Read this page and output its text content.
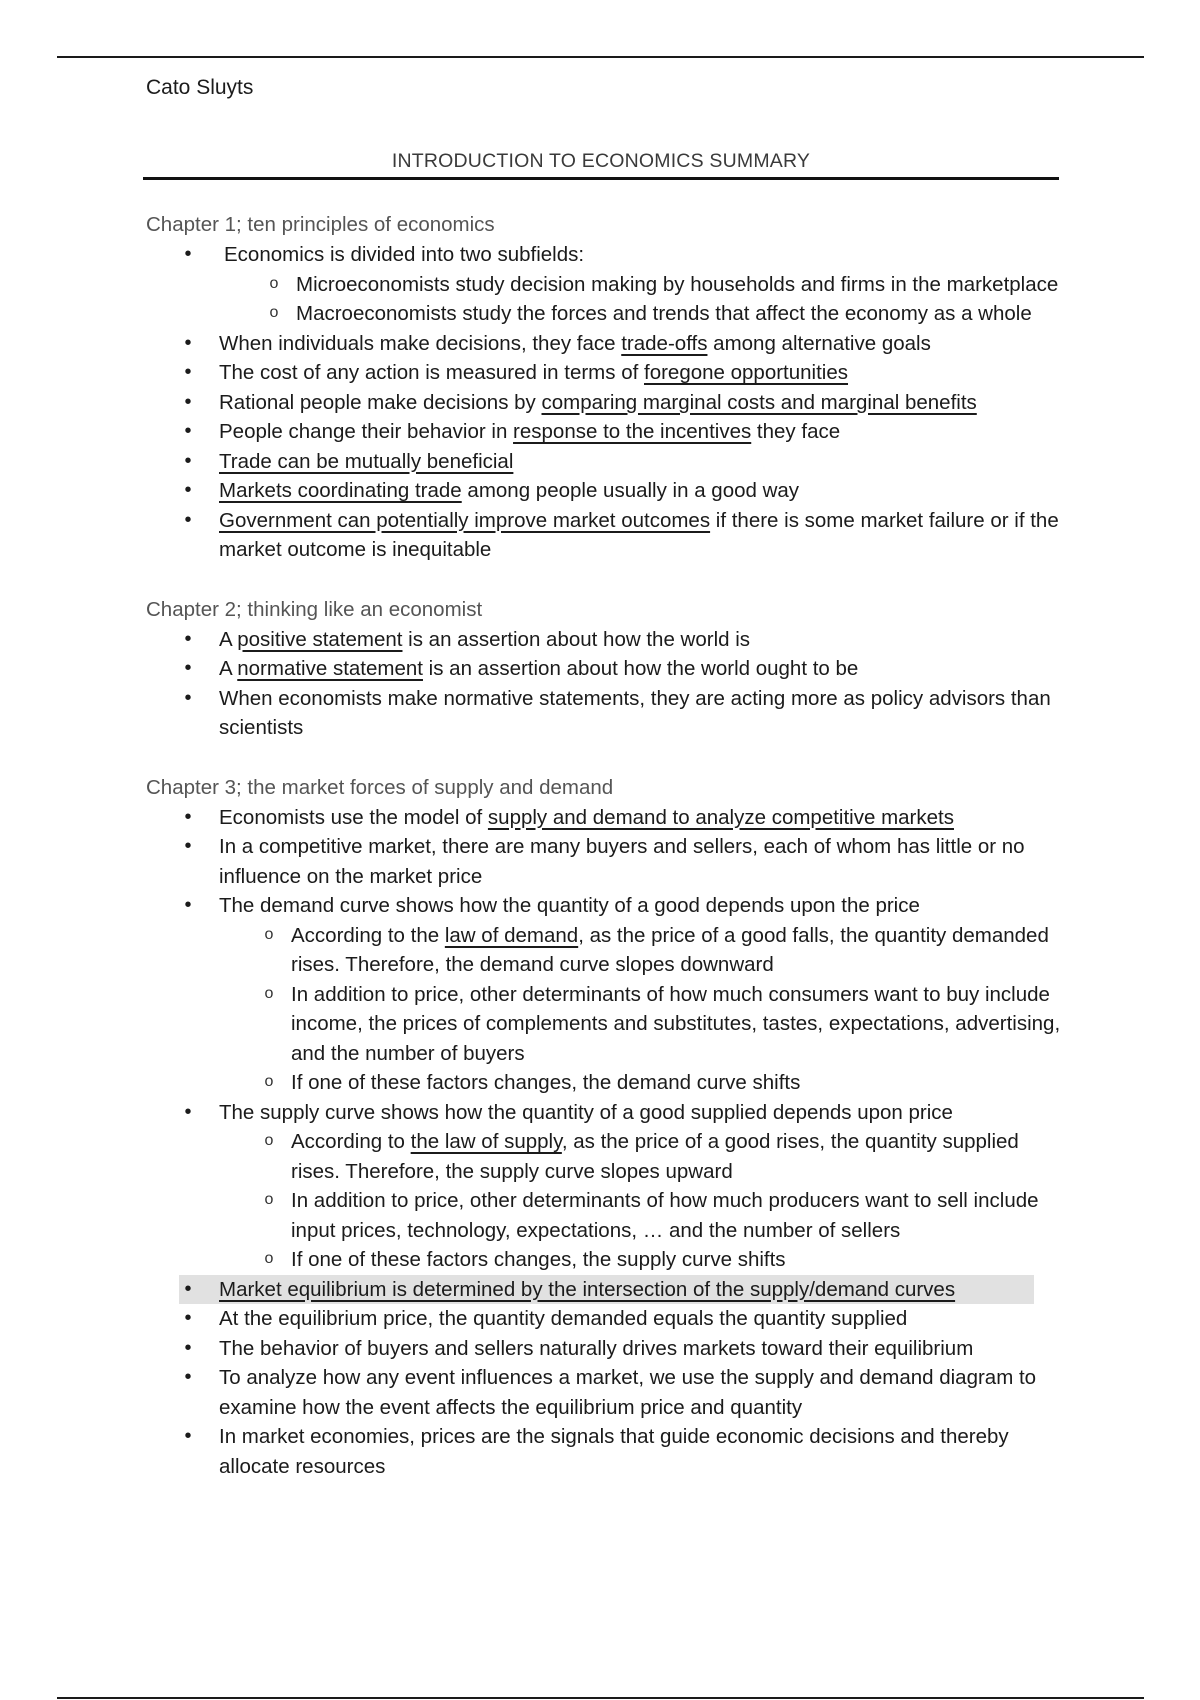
Cato Sluyts
INTRODUCTION TO ECONOMICS SUMMARY
Chapter 1; ten principles of economics
• Economics is divided into two subfields:
o Microeconomists study decision making by households and firms in the marketplace
o Macroeconomists study the forces and trends that affect the economy as a whole
• When individuals make decisions, they face trade-offs among alternative goals
• The cost of any action is measured in terms of foregone opportunities
• Rational people make decisions by comparing marginal costs and marginal benefits
• People change their behavior in response to the incentives they face
• Trade can be mutually beneficial
• Markets coordinating trade among people usually in a good way
• Government can potentially improve market outcomes if there is some market failure or if the market outcome is inequitable
Chapter 2; thinking like an economist
• A positive statement is an assertion about how the world is
• A normative statement is an assertion about how the world ought to be
• When economists make normative statements, they are acting more as policy advisors than scientists
Chapter 3; the market forces of supply and demand
• Economists use the model of supply and demand to analyze competitive markets
• In a competitive market, there are many buyers and sellers, each of whom has little or no influence on the market price
• The demand curve shows how the quantity of a good depends upon the price
o According to the law of demand, as the price of a good falls, the quantity demanded rises. Therefore, the demand curve slopes downward
o In addition to price, other determinants of how much consumers want to buy include income, the prices of complements and substitutes, tastes, expectations, advertising, and the number of buyers
o If one of these factors changes, the demand curve shifts
• The supply curve shows how the quantity of a good supplied depends upon price
o According to the law of supply, as the price of a good rises, the quantity supplied rises. Therefore, the supply curve slopes upward
o In addition to price, other determinants of how much producers want to sell include input prices, technology, expectations, … and the number of sellers
o If one of these factors changes, the supply curve shifts
• Market equilibrium is determined by the intersection of the supply/demand curves
• At the equilibrium price, the quantity demanded equals the quantity supplied
• The behavior of buyers and sellers naturally drives markets toward their equilibrium
• To analyze how any event influences a market, we use the supply and demand diagram to examine how the event affects the equilibrium price and quantity
• In market economies, prices are the signals that guide economic decisions and thereby allocate resources
